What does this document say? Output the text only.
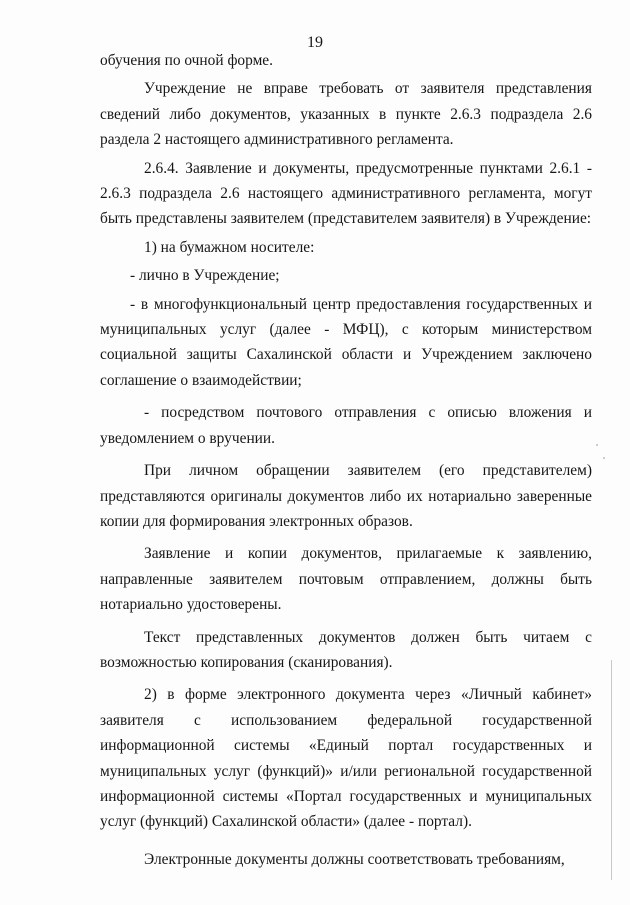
19

обучения по очной форме.

Учреждение не вправе требовать от заявителя представления сведений либо документов, указанных в пункте 2.6.3 подраздела 2.6 раздела 2 настоящего административного регламента.

2.6.4. Заявление и документы, предусмотренные пунктами 2.6.1 - 2.6.3 подраздела 2.6 настоящего административного регламента, могут быть представлены заявителем (представителем заявителя) в Учреждение:

1) на бумажном носителе:

- лично в Учреждение;

- в многофункциональный центр предоставления государственных и муниципальных услуг (далее - МФЦ), с которым министерством социальной защиты Сахалинской области и Учреждением заключено соглашение о взаимодействии;

- посредством почтового отправления с описью вложения и уведомлением о вручении.

При личном обращении заявителем (его представителем) представляются оригиналы документов либо их нотариально заверенные копии для формирования электронных образов.

Заявление и копии документов, прилагаемые к заявлению, направленные заявителем почтовым отправлением, должны быть нотариально удостоверены.

Текст представленных документов должен быть читаем с возможностью копирования (сканирования).

2) в форме электронного документа через «Личный кабинет» заявителя с использованием федеральной государственной информационной системы «Единый портал государственных и муниципальных услуг (функций)» и/или региональной государственной информационной системы «Портал государственных и муниципальных услуг (функций) Сахалинской области» (далее - портал).

Электронные документы должны соответствовать требованиям,
